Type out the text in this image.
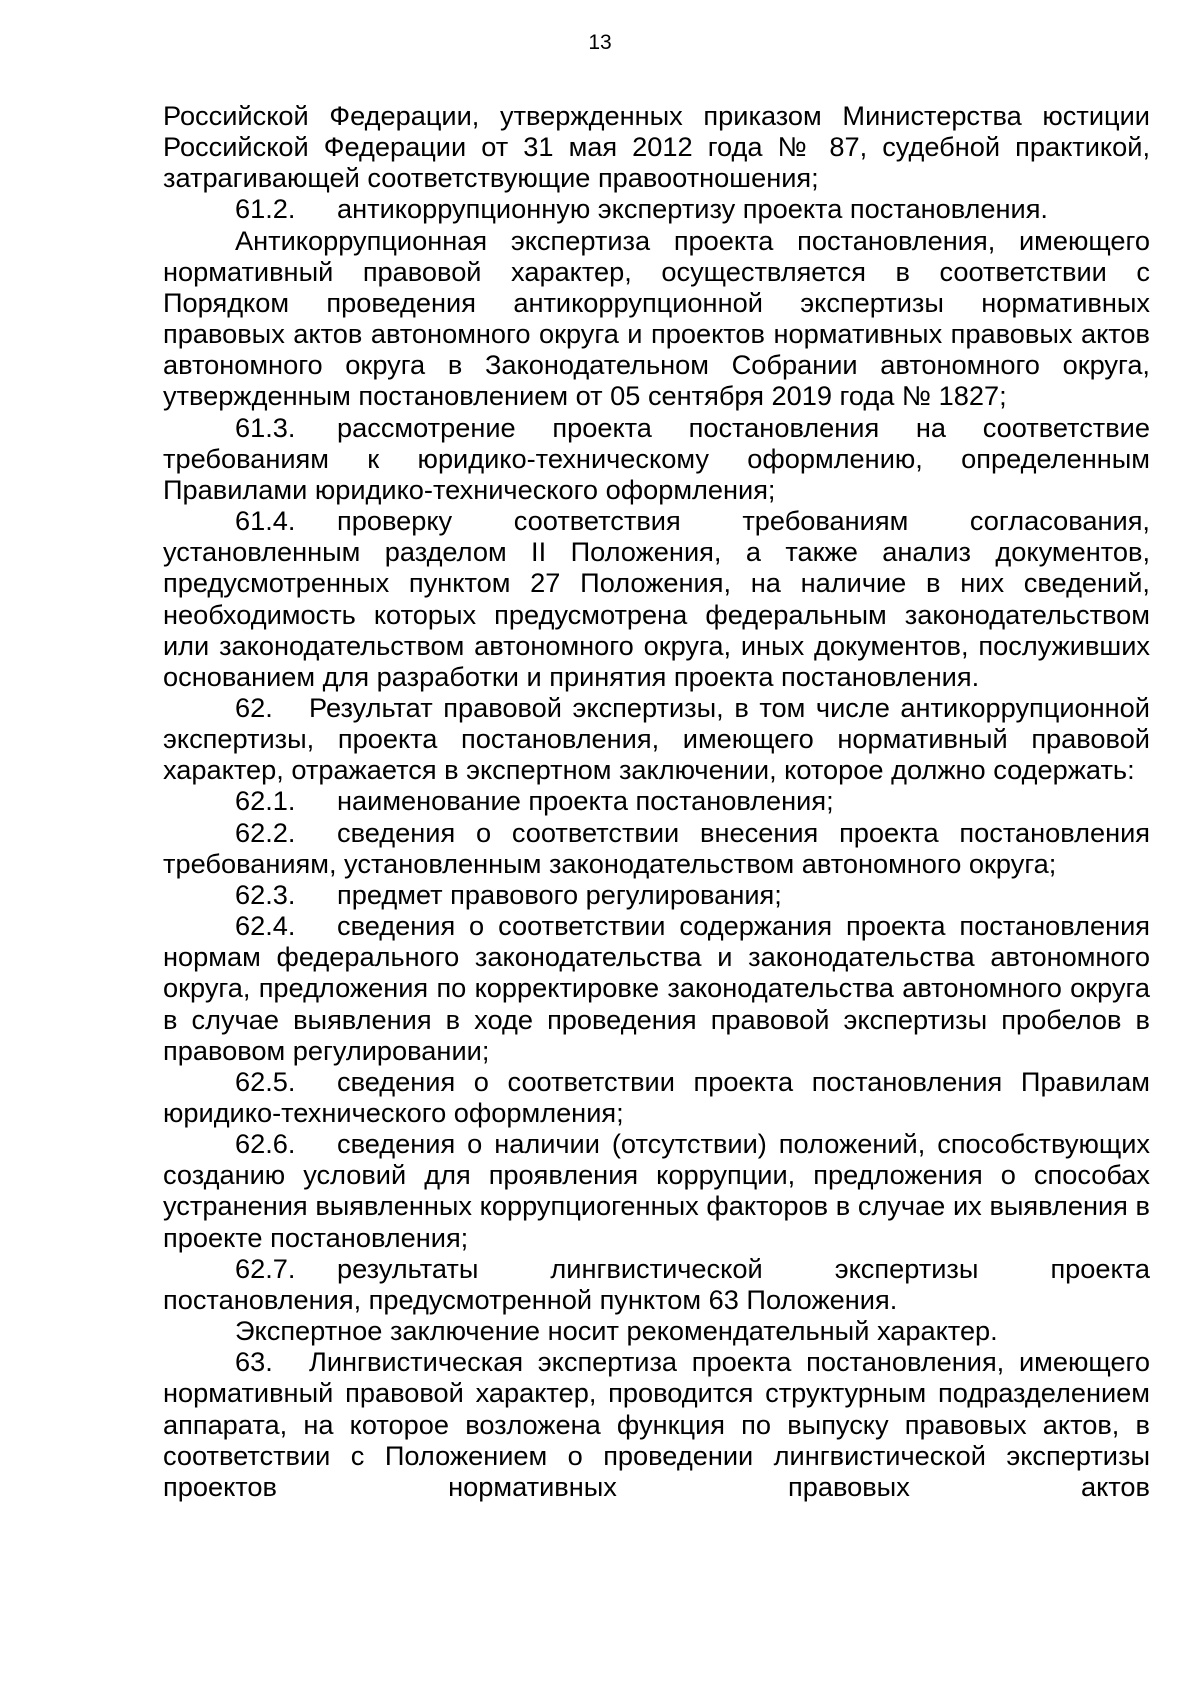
13

Российской Федерации, утвержденных приказом Министерства юстиции Российской Федерации от 31 мая 2012 года № 87, судебной практикой, затрагивающей соответствующие правоотношения;

61.2. антикоррупционную экспертизу проекта постановления.

Антикоррупционная экспертиза проекта постановления, имеющего нормативный правовой характер, осуществляется в соответствии с Порядком проведения антикоррупционной экспертизы нормативных правовых актов автономного округа и проектов нормативных правовых актов автономного округа в Законодательном Собрании автономного округа, утвержденным постановлением от 05 сентября 2019 года № 1827;

61.3. рассмотрение проекта постановления на соответствие требованиям к юридико-техническому оформлению, определенным Правилами юридико-технического оформления;

61.4. проверку соответствия требованиям согласования, установленным разделом II Положения, а также анализ документов, предусмотренных пунктом 27 Положения, на наличие в них сведений, необходимость которых предусмотрена федеральным законодательством или законодательством автономного округа, иных документов, послуживших основанием для разработки и принятия проекта постановления.

62. Результат правовой экспертизы, в том числе антикоррупционной экспертизы, проекта постановления, имеющего нормативный правовой характер, отражается в экспертном заключении, которое должно содержать:

62.1. наименование проекта постановления;

62.2. сведения о соответствии внесения проекта постановления требованиям, установленным законодательством автономного округа;

62.3. предмет правового регулирования;

62.4. сведения о соответствии содержания проекта постановления нормам федерального законодательства и законодательства автономного округа, предложения по корректировке законодательства автономного округа в случае выявления в ходе проведения правовой экспертизы пробелов в правовом регулировании;

62.5. сведения о соответствии проекта постановления Правилам юридико-технического оформления;

62.6. сведения о наличии (отсутствии) положений, способствующих созданию условий для проявления коррупции, предложения о способах устранения выявленных коррупциогенных факторов в случае их выявления в проекте постановления;

62.7. результаты лингвистической экспертизы проекта постановления, предусмотренной пунктом 63 Положения.

Экспертное заключение носит рекомендательный характер.

63. Лингвистическая экспертиза проекта постановления, имеющего нормативный правовой характер, проводится структурным подразделением аппарата, на которое возложена функция по выпуску правовых актов, в соответствии с Положением о проведении лингвистической экспертизы проектов нормативных правовых актов
